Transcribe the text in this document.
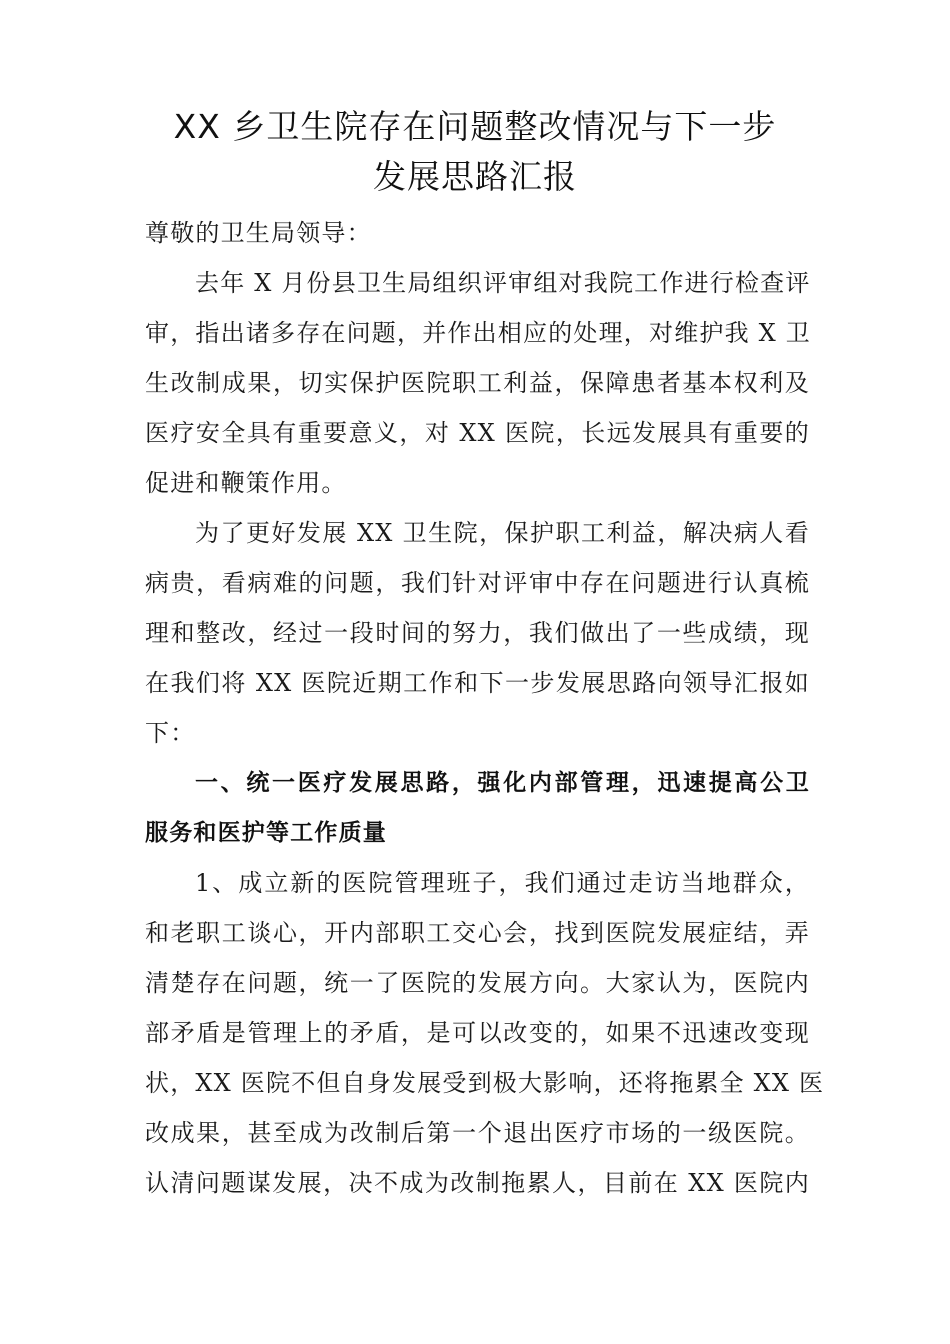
XX 乡卫生院存在问题整改情况与下一步
发展思路汇报
尊敬的卫生局领导：
去年 X 月份县卫生局组织评审组对我院工作进行检查评
审，指出诸多存在问题，并作出相应的处理，对维护我 X 卫
生改制成果，切实保护医院职工利益，保障患者基本权利及
医疗安全具有重要意义，对 XX 医院，长远发展具有重要的
促进和鞭策作用。
为了更好发展 XX 卫生院，保护职工利益，解决病人看
病贵，看病难的问题，我们针对评审中存在问题进行认真梳
理和整改，经过一段时间的努力，我们做出了一些成绩，现
在我们将 XX 医院近期工作和下一步发展思路向领导汇报如
下：
一、统一医疗发展思路，强化内部管理，迅速提高公卫
服务和医护等工作质量
1、成立新的医院管理班子，我们通过走访当地群众，
和老职工谈心，开内部职工交心会，找到医院发展症结，弄
清楚存在问题，统一了医院的发展方向。大家认为，医院内
部矛盾是管理上的矛盾，是可以改变的，如果不迅速改变现
状，XX 医院不但自身发展受到极大影响，还将拖累全 XX 医
改成果，甚至成为改制后第一个退出医疗市场的一级医院。
认清问题谋发展，决不成为改制拖累人，目前在 XX 医院内
